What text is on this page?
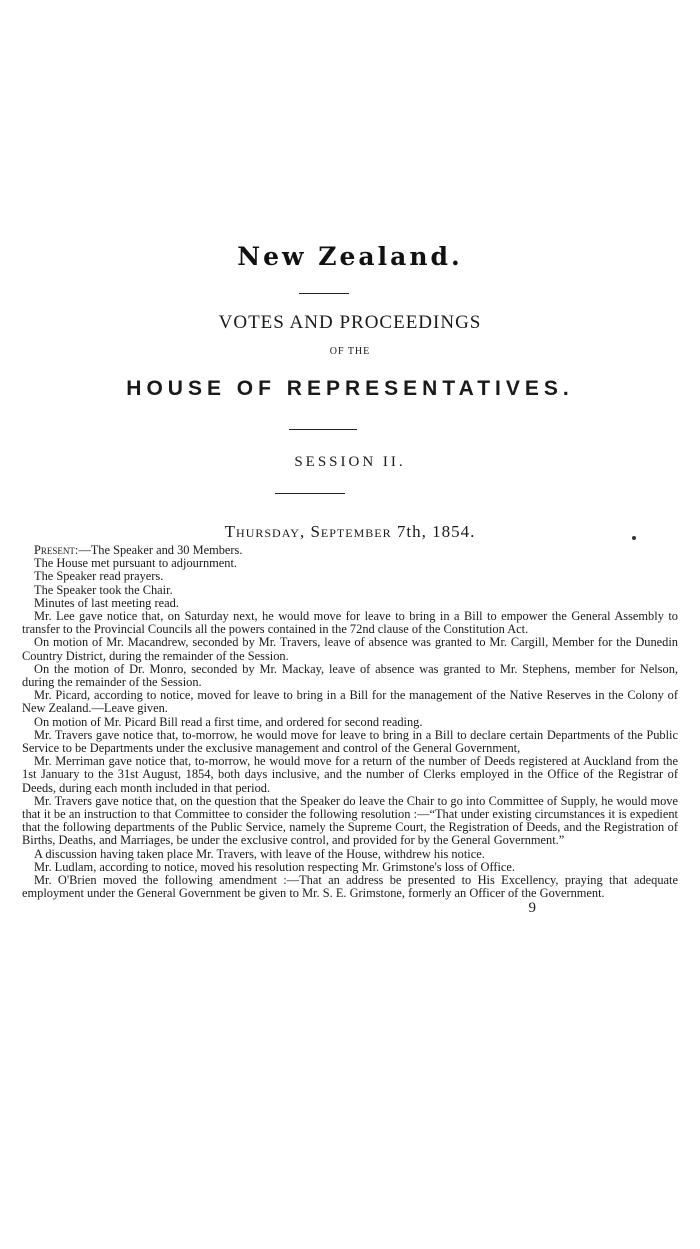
New Zealand.
VOTES AND PROCEEDINGS
OF THE
HOUSE OF REPRESENTATIVES.
SESSION II.
Thursday, September 7th, 1854.

Present:—The Speaker and 30 Members.

The House met pursuant to adjournment.

The Speaker read prayers.

The Speaker took the Chair.

Minutes of last meeting read.

Mr. Lee gave notice that, on Saturday next, he would move for leave to bring in a Bill to empower the General Assembly to transfer to the Provincial Councils all the powers contained in the 72nd clause of the Constitution Act.

On motion of Mr. Macandrew, seconded by Mr. Travers, leave of absence was granted to Mr. Cargill, Member for the Dunedin Country District, during the remainder of the Session.

On the motion of Dr. Monro, seconded by Mr. Mackay, leave of absence was granted to Mr. Stephens, member for Nelson, during the remainder of the Session.

Mr. Picard, according to notice, moved for leave to bring in a Bill for the management of the Native Reserves in the Colony of New Zealand.—Leave given.

On motion of Mr. Picard Bill read a first time, and ordered for second reading.

Mr. Travers gave notice that, to-morrow, he would move for leave to bring in a Bill to declare certain Departments of the Public Service to be Departments under the exclusive management and control of the General Government,

Mr. Merriman gave notice that, to-morrow, he would move for a return of the number of Deeds registered at Auckland from the 1st January to the 31st August, 1854, both days inclusive, and the number of Clerks employed in the Office of the Registrar of Deeds, during each month included in that period.

Mr. Travers gave notice that, on the question that the Speaker do leave the Chair to go into Committee of Supply, he would move that it be an instruction to that Committee to consider the following resolution :—“That under existing circumstances it is expedient that the following departments of the Public Service, namely the Supreme Court, the Registration of Deeds, and the Registration of Births, Deaths, and Marriages, be under the exclusive control, and provided for by the General Government.”

A discussion having taken place Mr. Travers, with leave of the House, withdrew his notice.

Mr. Ludlam, according to notice, moved his resolution respecting Mr. Grimstone's loss of Office.

Mr. O'Brien moved the following amendment :—That an address be presented to His Excellency, praying that adequate employment under the General Government be given to Mr. S. E. Grimstone, formerly an Officer of the Government.

9
